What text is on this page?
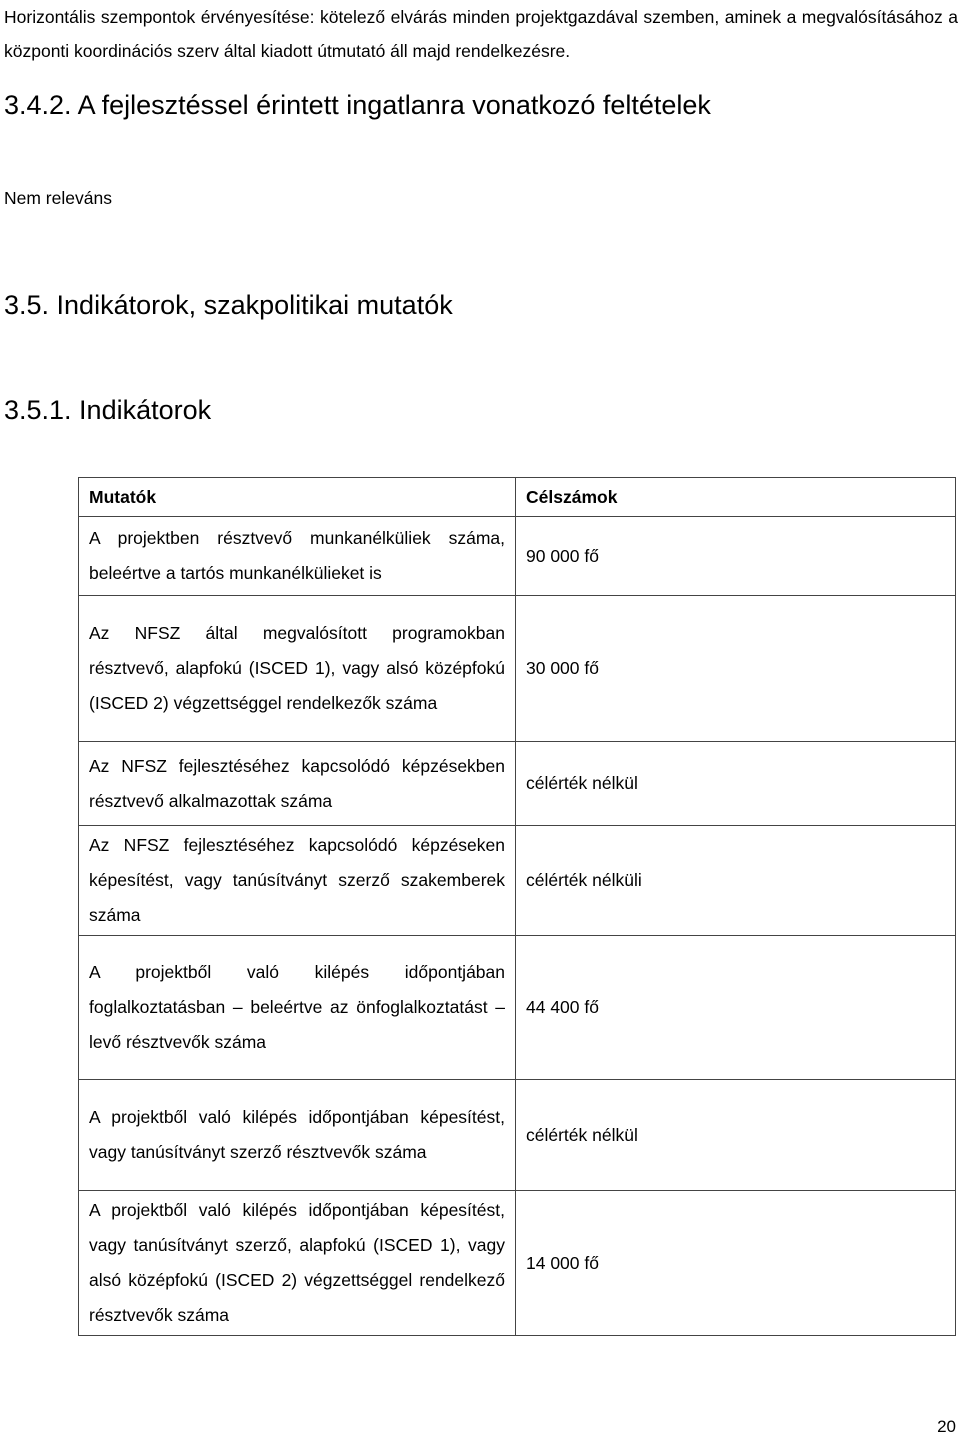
Horizontális szempontok érvényesítése: kötelező elvárás minden projektgazdával szemben, aminek a megvalósításához a központi koordinációs szerv által kiadott útmutató áll majd rendelkezésre.
3.4.2. A fejlesztéssel érintett ingatlanra vonatkozó feltételek
Nem releváns
3.5. Indikátorok, szakpolitikai mutatók
3.5.1. Indikátorok
Mutatók	Célszámok
A projektben résztvevő munkanélküliek száma, beleértve a tartós munkanélkülieket is	90 000 fő
Az NFSZ által megvalósított programokban résztvevő, alapfokú (ISCED 1), vagy alsó középfokú (ISCED 2) végzettséggel rendelkezők száma	30 000 fő
Az NFSZ fejlesztéséhez kapcsolódó képzésekben résztvevő alkalmazottak száma	célérték nélkül
Az NFSZ fejlesztéséhez kapcsolódó képzéseken képesítést, vagy tanúsítványt szerző szakemberek száma	célérték nélküli
A projektből való kilépés időpontjában foglalkoztatásban – beleértve az önfoglalkoztatást – levő résztvevők száma	44 400 fő
A projektből való kilépés időpontjában képesítést, vagy tanúsítványt szerző résztvevők száma	célérték nélkül
A projektből való kilépés időpontjában képesítést, vagy tanúsítványt szerző, alapfokú (ISCED 1), vagy alsó középfokú (ISCED 2) végzettséggel rendelkező résztvevők száma	14 000 fő
20
